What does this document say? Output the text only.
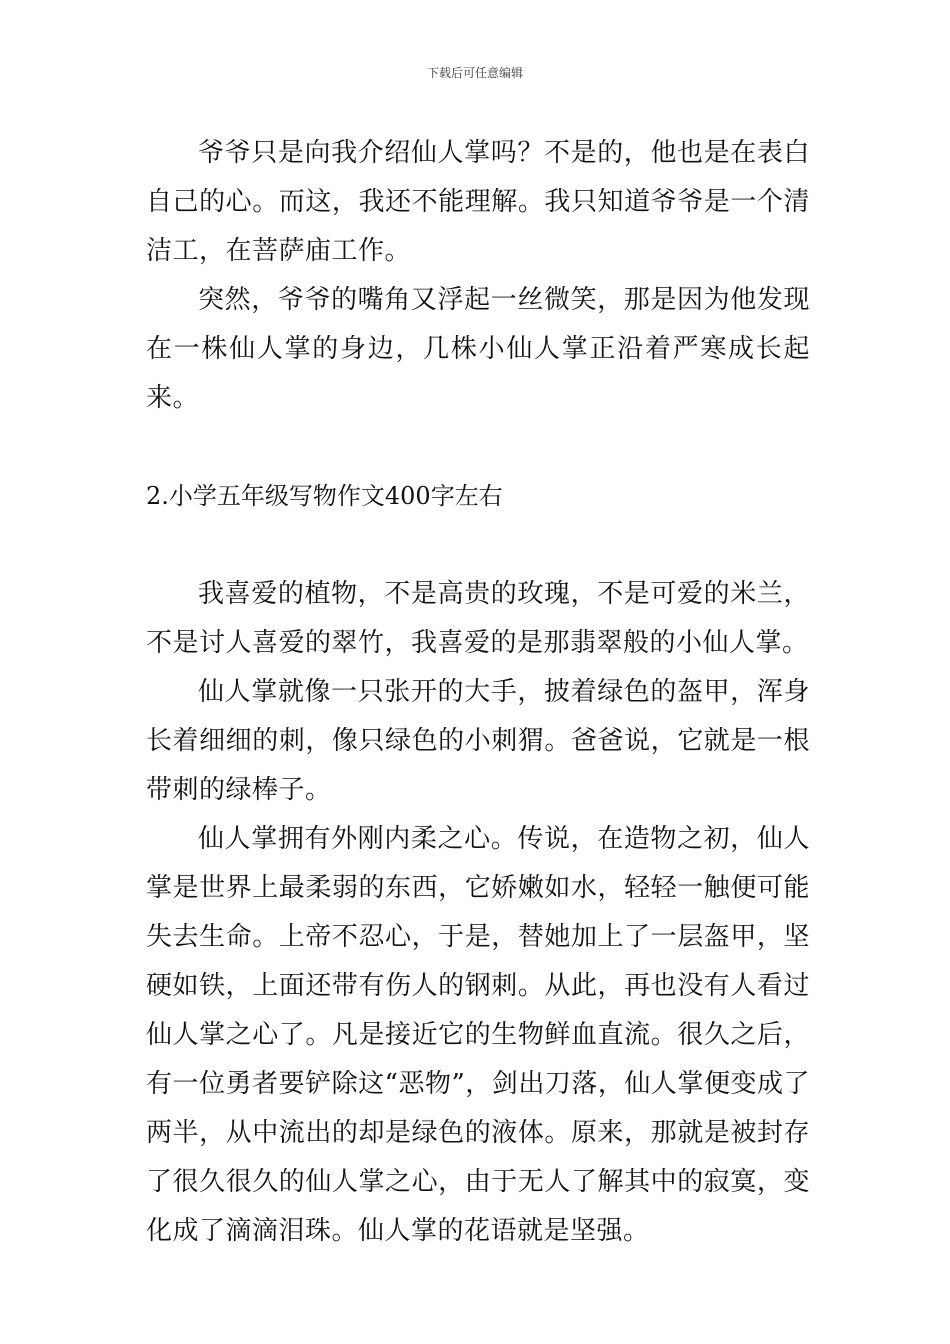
下载后可任意编辑

爷爷只是向我介绍仙人掌吗？不是的，他也是在表白自己的心。而这，我还不能理解。我只知道爷爷是一个清洁工，在菩萨庙工作。

突然，爷爷的嘴角又浮起一丝微笑，那是因为他发现在一株仙人掌的身边，几株小仙人掌正沿着严寒成长起来。

2.小学五年级写物作文400字左右

我喜爱的植物，不是高贵的玫瑰，不是可爱的米兰，不是讨人喜爱的翠竹，我喜爱的是那翡翠般的小仙人掌。

仙人掌就像一只张开的大手，披着绿色的盔甲，浑身长着细细的刺，像只绿色的小刺猬。爸爸说，它就是一根带刺的绿棒子。

仙人掌拥有外刚内柔之心。传说，在造物之初，仙人掌是世界上最柔弱的东西，它娇嫩如水，轻轻一触便可能失去生命。上帝不忍心，于是，替她加上了一层盔甲，坚硬如铁，上面还带有伤人的钢刺。从此，再也没有人看过仙人掌之心了。凡是接近它的生物鲜血直流。很久之后，有一位勇者要铲除这“恶物”，剑出刀落，仙人掌便变成了两半，从中流出的却是绿色的液体。原来，那就是被封存了很久很久的仙人掌之心，由于无人了解其中的寂寞，变化成了滴滴泪珠。仙人掌的花语就是坚强。
